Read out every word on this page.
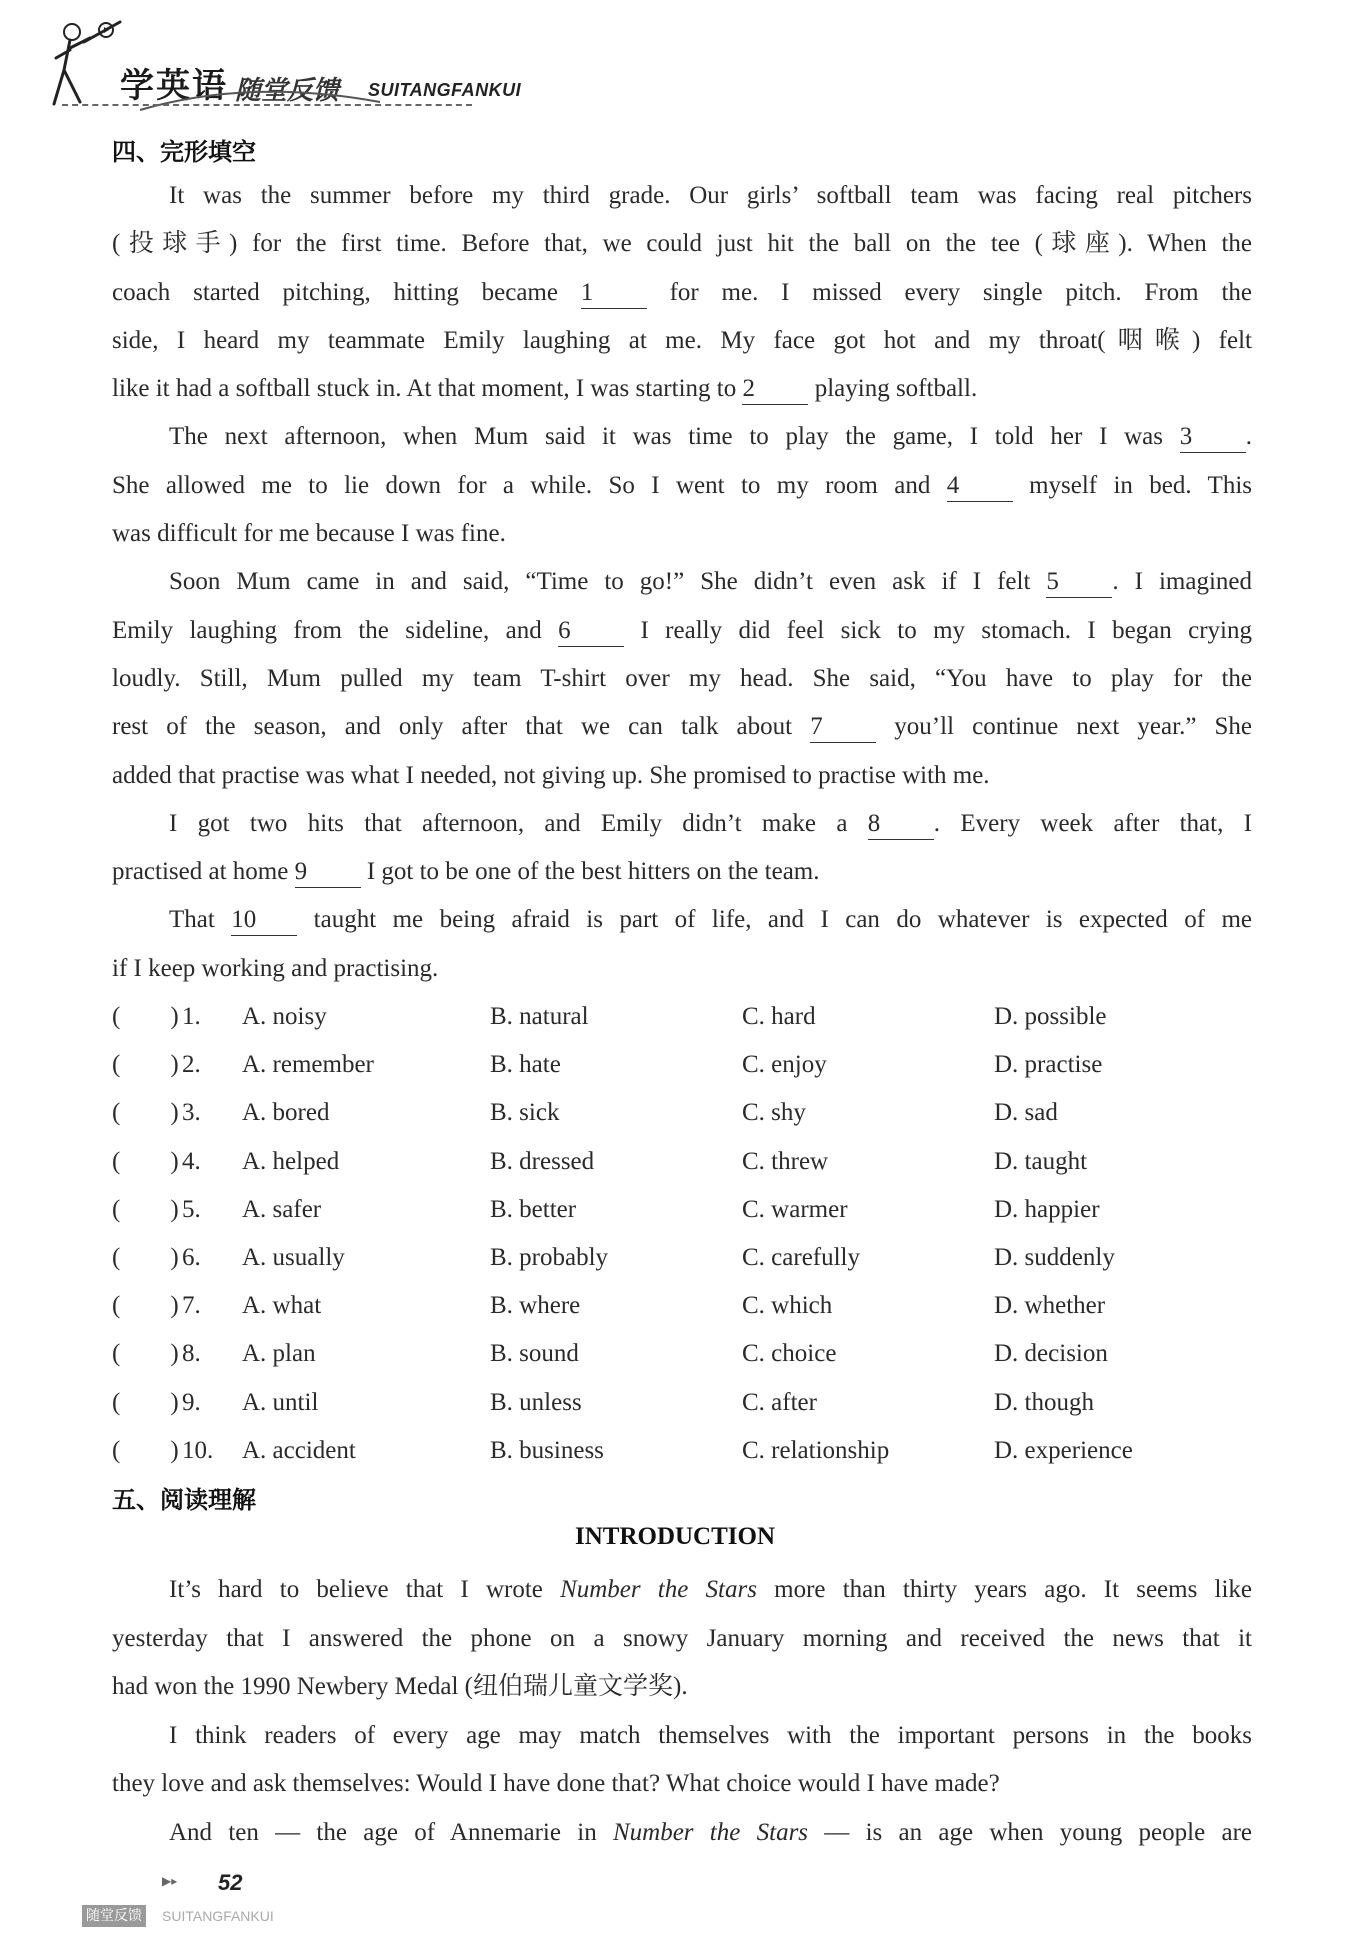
学英语 随堂反馈 SUITANGFANKUI
四、完形填空
It was the summer before my third grade. Our girls’ softball team was facing real pitchers
(投球手) for the first time. Before that, we could just hit the ball on the tee (球座). When the
coach started pitching, hitting became 1 for me. I missed every single pitch. From the
side, I heard my teammate Emily laughing at me. My face got hot and my throat(咽喉) felt
like it had a softball stuck in. At that moment, I was starting to 2 playing softball.
The next afternoon, when Mum said it was time to play the game, I told her I was 3 .
She allowed me to lie down for a while. So I went to my room and 4 myself in bed. This
was difficult for me because I was fine.
Soon Mum came in and said, “Time to go!” She didn’t even ask if I felt 5 . I imagined
Emily laughing from the sideline, and 6 I really did feel sick to my stomach. I began crying
loudly. Still, Mum pulled my team T-shirt over my head. She said, “You have to play for the
rest of the season, and only after that we can talk about 7 you’ll continue next year.” She
added that practise was what I needed, not giving up. She promised to practise with me.
I got two hits that afternoon, and Emily didn’t make a 8 . Every week after that, I
practised at home 9 I got to be one of the best hitters on the team.
That 10 taught me being afraid is part of life, and I can do whatever is expected of me
if I keep working and practising.
(  ) 1. A. noisy	B. natural	C. hard	D. possible
(  ) 2. A. remember	B. hate	C. enjoy	D. practise
(  ) 3. A. bored	B. sick	C. shy	D. sad
(  ) 4. A. helped	B. dressed	C. threw	D. taught
(  ) 5. A. safer	B. better	C. warmer	D. happier
(  ) 6. A. usually	B. probably	C. carefully	D. suddenly
(  ) 7. A. what	B. where	C. which	D. whether
(  ) 8. A. plan	B. sound	C. choice	D. decision
(  ) 9. A. until	B. unless	C. after	D. though
(  ) 10. A. accident	B. business	C. relationship	D. experience
五、阅读理解
INTRODUCTION
It’s hard to believe that I wrote Number the Stars more than thirty years ago. It seems like
yesterday that I answered the phone on a snowy January morning and received the news that it
had won the 1990 Newbery Medal (纽伯瑞儿童文学奖).
I think readers of every age may match themselves with the important persons in the books
they love and ask themselves: Would I have done that? What choice would I have made?
And ten — the age of Annemarie in Number the Stars — is an age when young people are
▶▸ 52
随堂反馈 SUITANGFANKUI
